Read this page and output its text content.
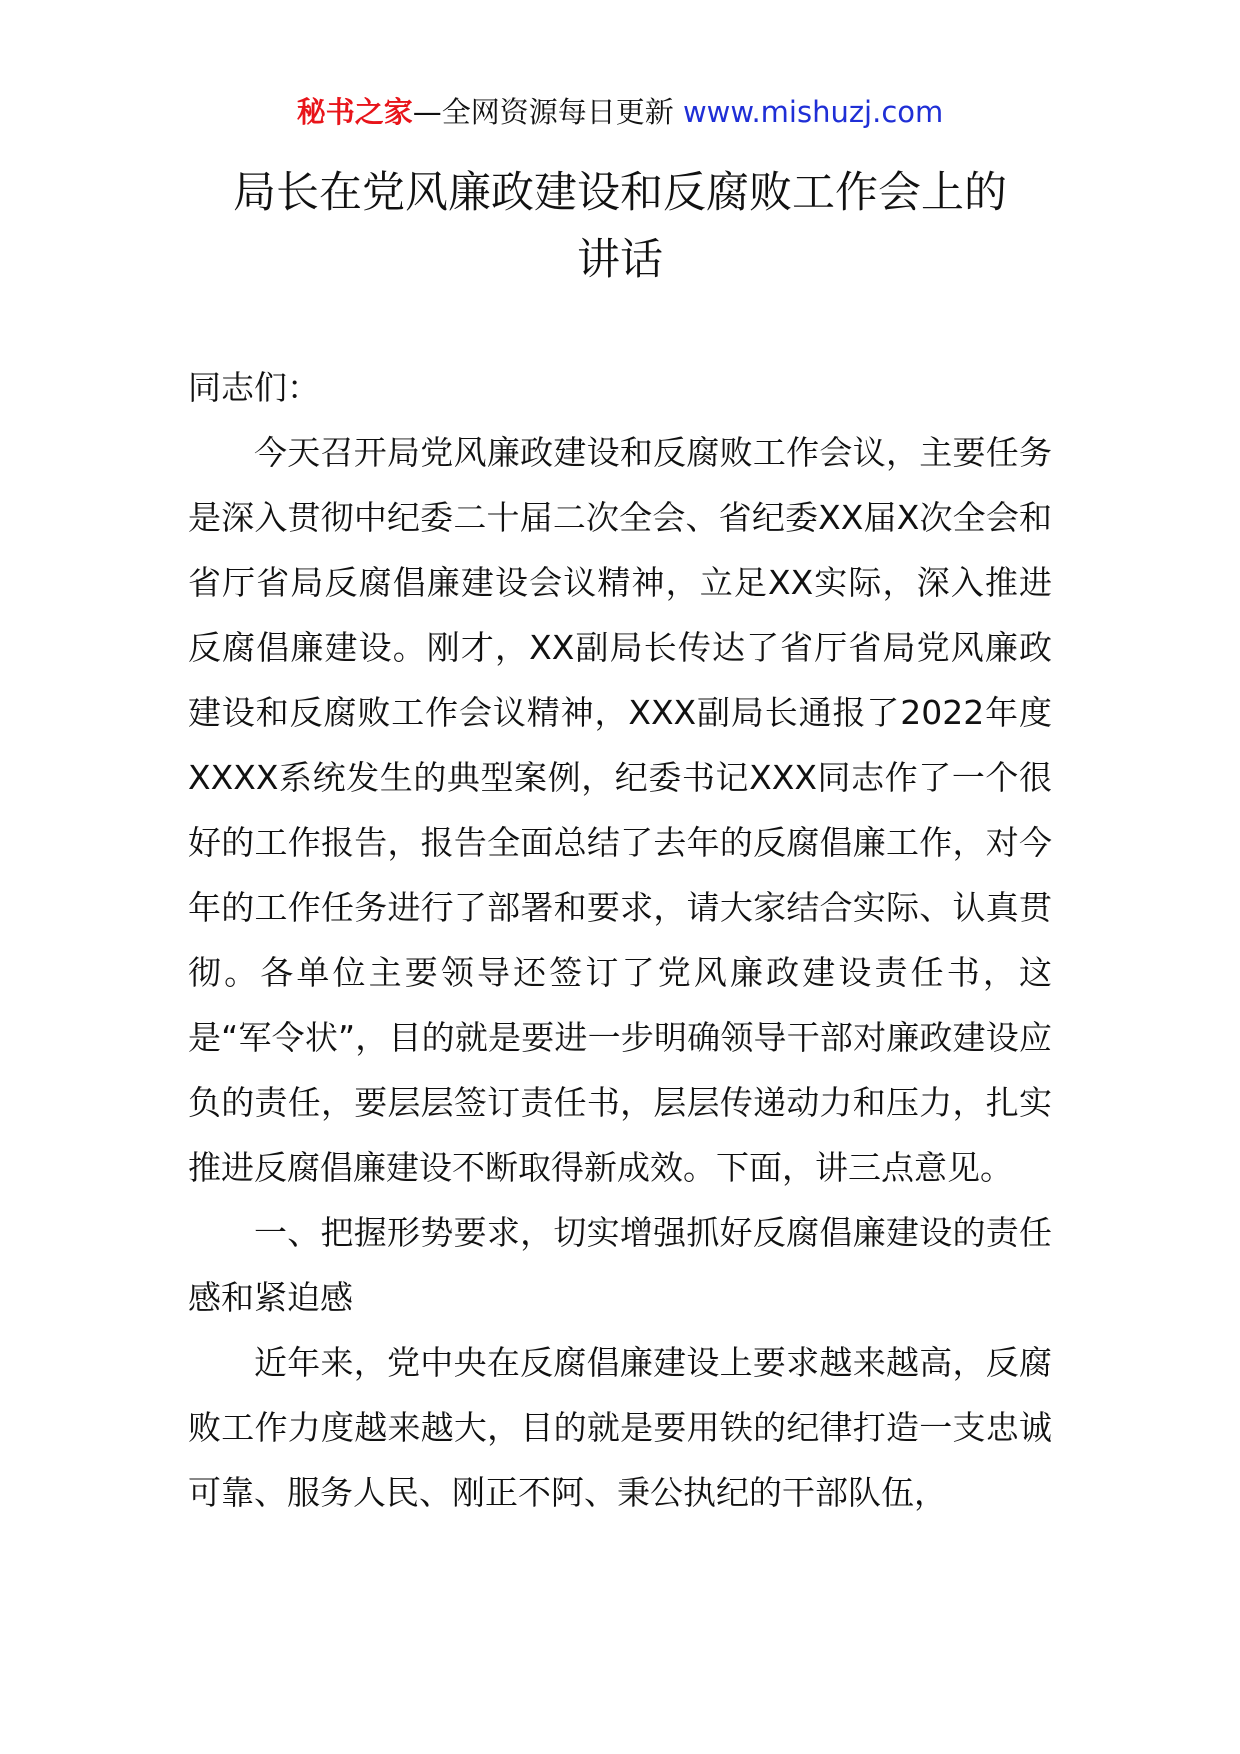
秘书之家—全网资源每日更新 www.mishuzj.com
局长在党风廉政建设和反腐败工作会上的
讲话

同志们：

今天召开局党风廉政建设和反腐败工作会议，主要任务是深入贯彻中纪委二十届二次全会、省纪委XX届X次全会和省厅省局反腐倡廉建设会议精神，立足XX实际，深入推进反腐倡廉建设。刚才，XX副局长传达了省厅省局党风廉政建设和反腐败工作会议精神，XXX副局长通报了2022年度XXXX系统发生的典型案例，纪委书记XXX同志作了一个很好的工作报告，报告全面总结了去年的反腐倡廉工作，对今年的工作任务进行了部署和要求，请大家结合实际、认真贯彻。各单位主要领导还签订了党风廉政建设责任书，这是“军令状”，目的就是要进一步明确领导干部对廉政建设应负的责任，要层层签订责任书，层层传递动力和压力，扎实推进反腐倡廉建设不断取得新成效。下面，讲三点意见。

一、把握形势要求，切实增强抓好反腐倡廉建设的责任感和紧迫感

近年来，党中央在反腐倡廉建设上要求越来越高，反腐败工作力度越来越大，目的就是要用铁的纪律打造一支忠诚可靠、服务人民、刚正不阿、秉公执纪的干部队伍，
